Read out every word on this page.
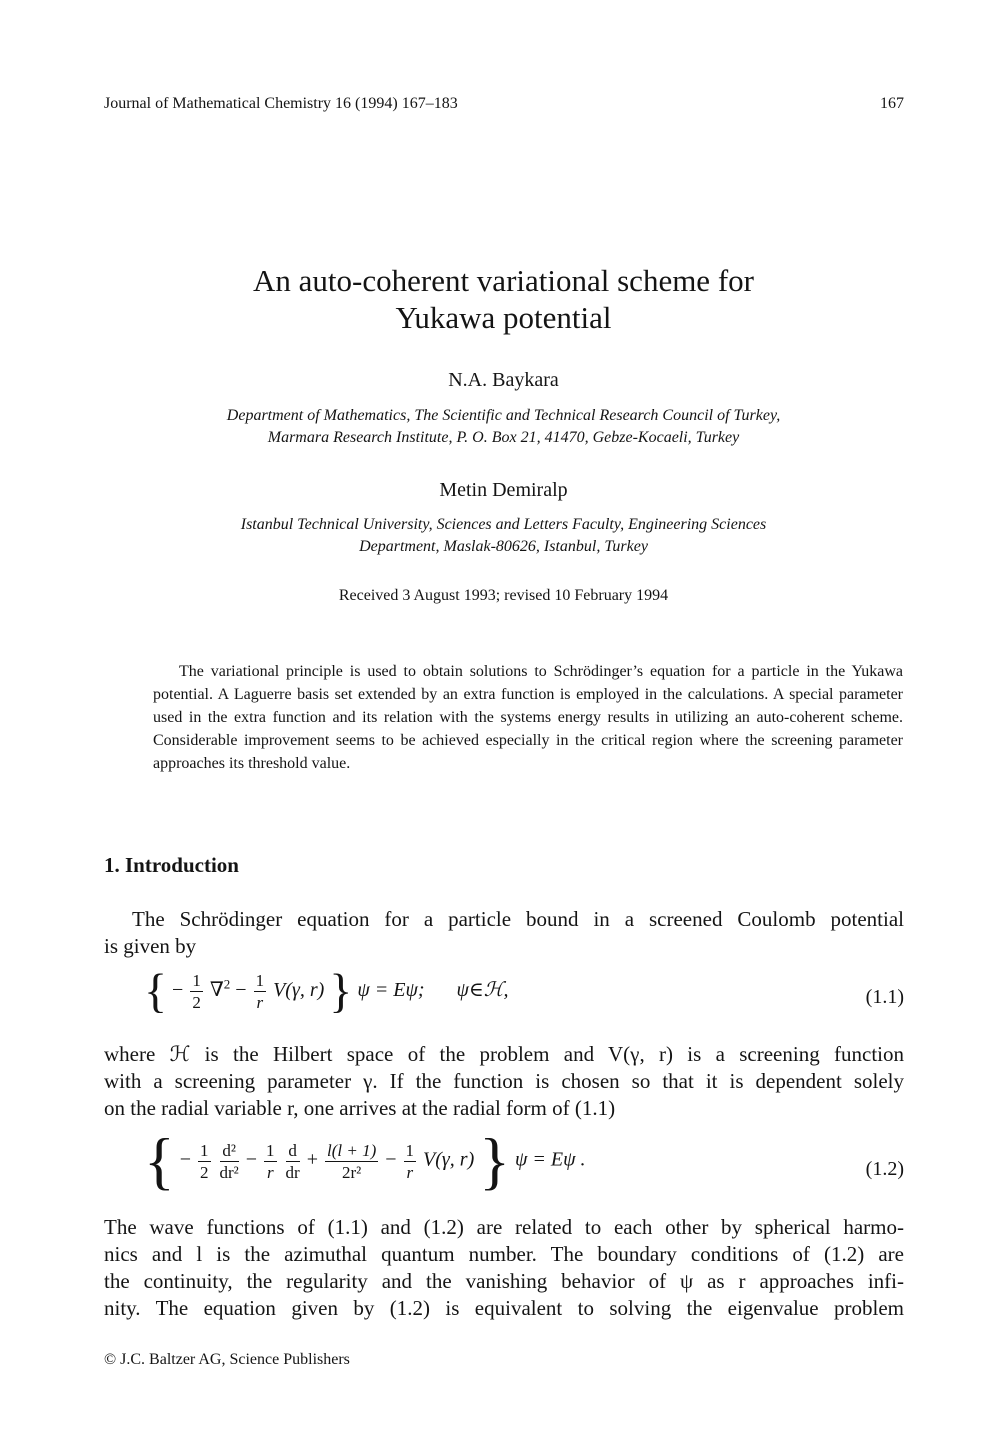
Journal of Mathematical Chemistry 16 (1994) 167–183	167
An auto-coherent variational scheme for
Yukawa potential
N.A. Baykara
Department of Mathematics, The Scientific and Technical Research Council of Turkey,
Marmara Research Institute, P. O. Box 21, 41470, Gebze-Kocaeli, Turkey
Metin Demiralp
Istanbul Technical University, Sciences and Letters Faculty, Engineering Sciences
Department, Maslak-80626, Istanbul, Turkey
Received 3 August 1993; revised 10 February 1994
The variational principle is used to obtain solutions to Schrödinger’s equation for a particle in the Yukawa potential. A Laguerre basis set extended by an extra function is employed in the calculations. A special parameter used in the extra function and its relation with the systems energy results in utilizing an auto-coherent scheme. Considerable improvement seems to be achieved especially in the critical region where the screening parameter approaches its threshold value.
1. Introduction
The Schrödinger equation for a particle bound in a screened Coulomb potential
is given by
{ − $\frac{1}{2} \nabla^2 - \frac{1}{r} V(\gamma$, r) } ψ = Eψ; ψ∈ℋ,	(1.1)
where ℋ is the Hilbert space of the problem and V(γ, r) is a screening function
with a screening parameter γ. If the function is chosen so that it is dependent solely
on the radial variable r, one arrives at the radial form of (1.1)
{ − $\frac{1}{2}$
$\frac{\text{d²}}{\text{dr²}} - \frac{1}{r}$
$\frac{d}{dr} + \frac{l(l + 1)}{\text{2r²}} - \frac{1}{r} V(\gamma$, r) } ψ = Eψ .	(1.2)
The wave functions of (1.1) and (1.2) are related to each other by spherical harmo-
nics and l is the azimuthal quantum number. The boundary conditions of (1.2) are
the continuity, the regularity and the vanishing behavior of ψ as r approaches infi-
nity. The equation given by (1.2) is equivalent to solving the eigenvalue problem
© J.C. Baltzer AG, Science Publishers
